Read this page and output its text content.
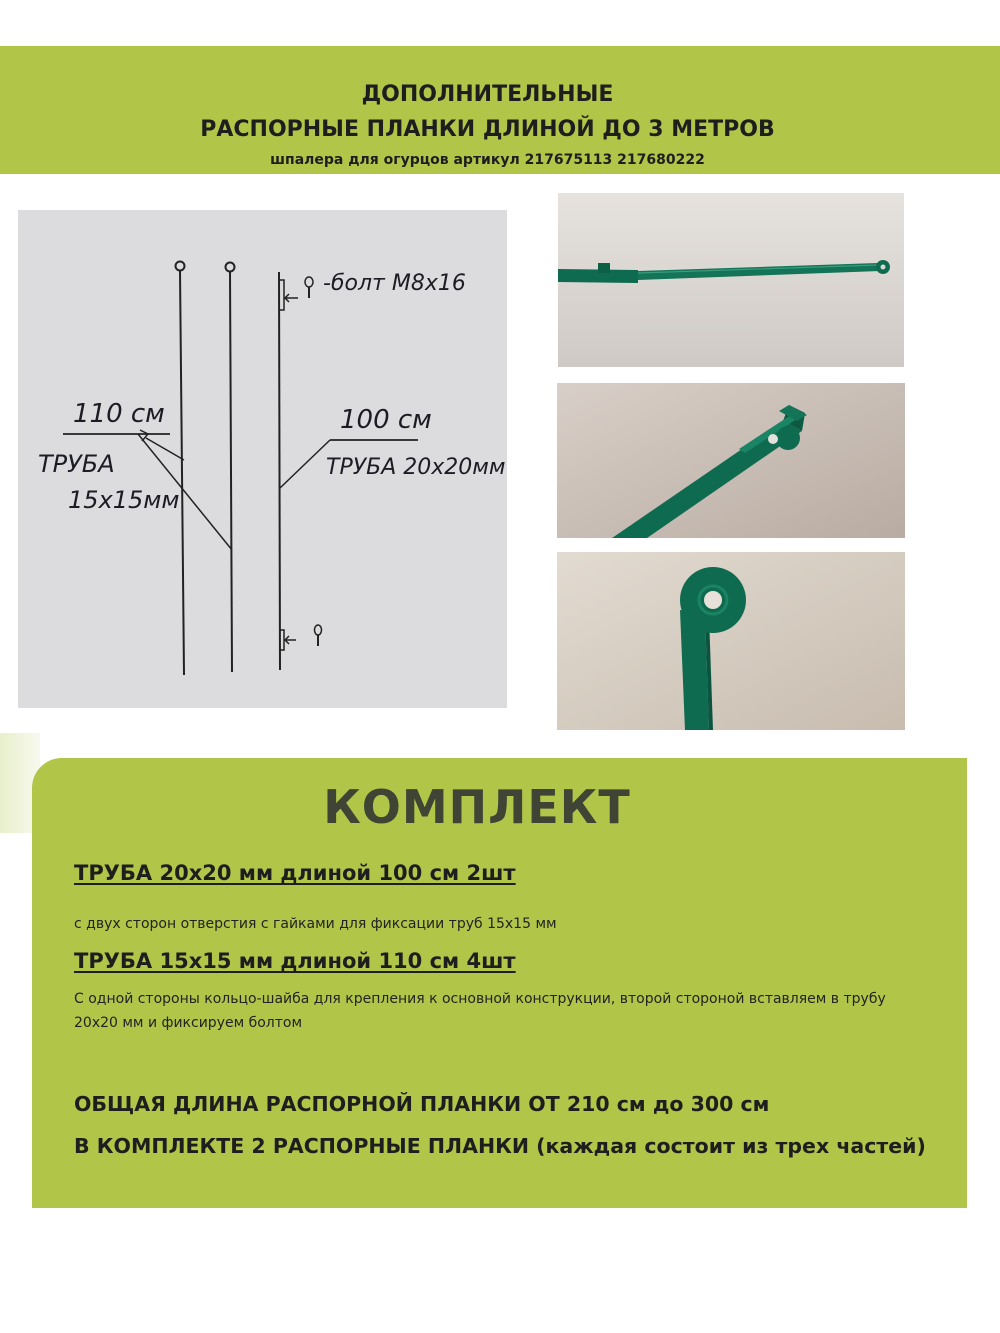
ДОПОЛНИТЕЛЬНЫЕ
РАСПОРНЫЕ ПЛАНКИ ДЛИНОЙ ДО 3 МЕТРОВ
шпалера для огурцов артикул 217675113 217680222
-болт М8х16
110 см
ТРУБА
15х15мм
100 см
ТРУБА 20х20мм
КОМПЛЕКТ
ТРУБА 20х20 мм длиной 100 см 2шт
с двух сторон отверстия с гайками для фиксации труб 15х15 мм
ТРУБА 15х15 мм длиной 110 см 4шт
С одной стороны кольцо-шайба для крепления к основной конструкции, второй стороной вставляем в трубу 20х20 мм и фиксируем болтом
ОБЩАЯ ДЛИНА РАСПОРНОЙ ПЛАНКИ ОТ 210 см до 300 см
В КОМПЛЕКТЕ 2 РАСПОРНЫЕ ПЛАНКИ (каждая состоит из трех частей)
